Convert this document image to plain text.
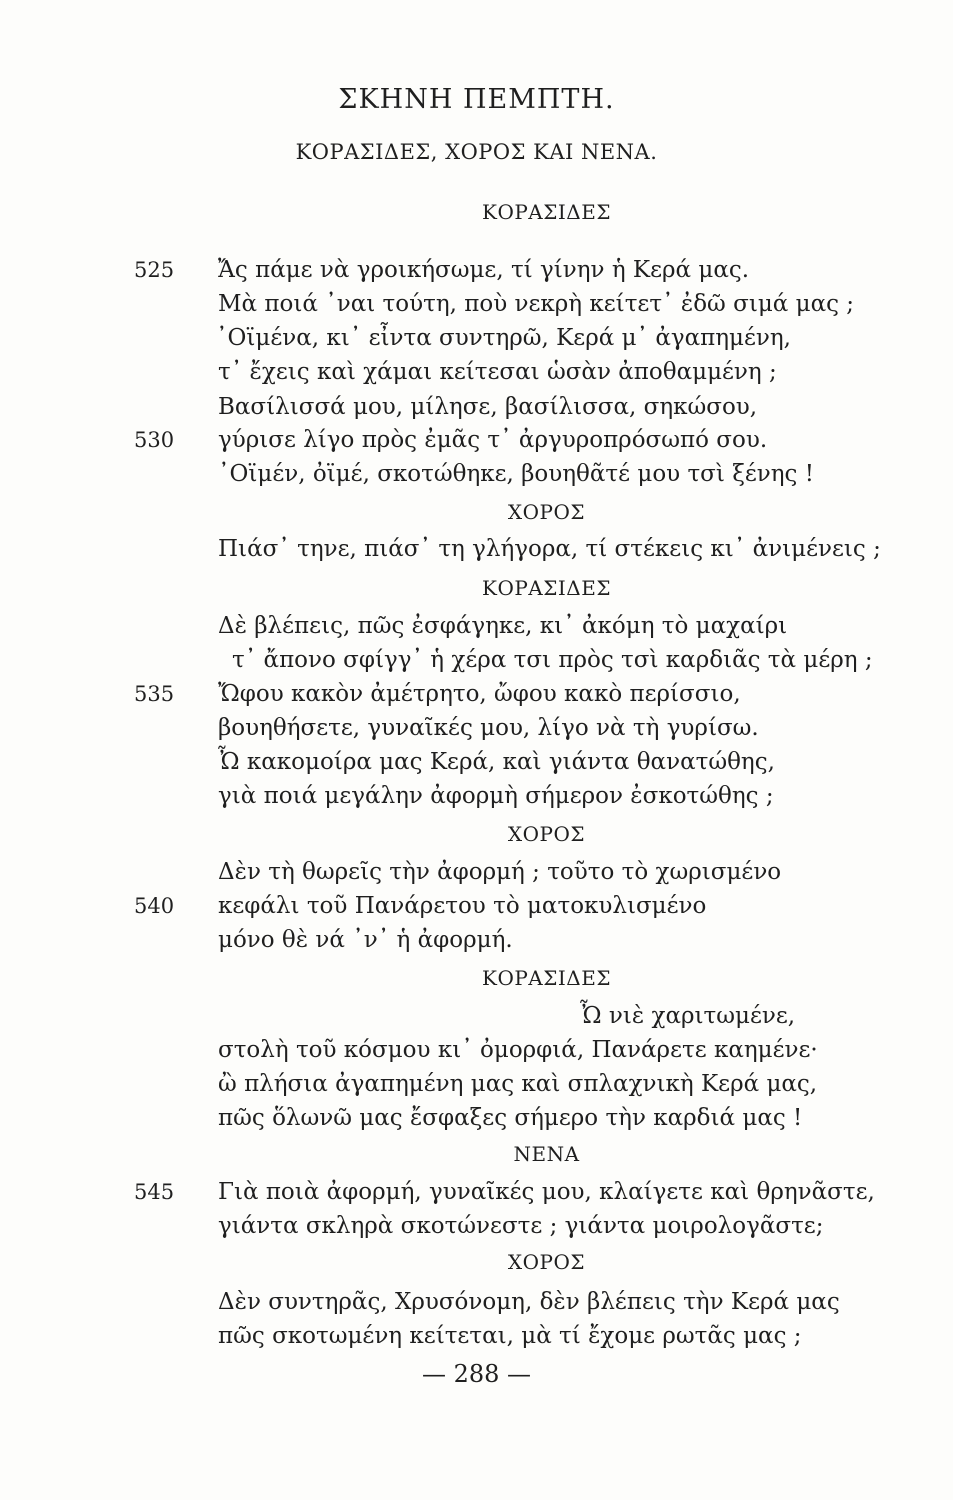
ΣΚΗΝΗ ΠΕΜΠΤΗ.
ΚΟΡΑΣΙΔΕΣ, ΧΟΡΟΣ ΚΑΙ ΝΕΝΑ.
ΚΟΡΑΣΙΔΕΣ
525 Ἄς πάμε νὰ γροικήσωμε, τί γίνην ἡ Κερά μας.
Μὰ ποιά ᾿ναι τούτη, ποὺ νεκρὴ κείτετ᾿ ἐδῶ σιμά μας ;
᾿Οϊμένα, κι᾿ εἶντα συντηρῶ, Κερά μ᾿ ἀγαπημένη,
τ᾿ ἔχεις καὶ χάμαι κείτεσαι ὡσὰν ἀποθαμμένη ;
Βασίλισσά μου, μίλησε, βασίλισσα, σηκώσου,
530 γύρισε λίγο πρὸς ἐμᾶς τ᾿ ἀργυροπρόσωπό σου.
᾿Οϊμέν, ὀϊμέ, σκοτώθηκε, βουηθᾶτέ μου τσὶ ξένης !
ΧΟΡΟΣ
Πιάσ᾿ τηνε, πιάσ᾿ τη γλήγορα, τί στέκεις κι᾿ ἀνιμένεις ;
ΚΟΡΑΣΙΔΕΣ
Δὲ βλέπεις, πῶς ἐσφάγηκε, κι᾿ ἀκόμη τὸ μαχαίρι
τ᾿ ἄπονο σφίγγ᾿ ἡ χέρα τσι πρὸς τσὶ καρδιᾶς τὰ μέρη ;
535 Ὤφου κακὸν ἀμέτρητο, ὤφου κακὸ περίσσιο,
βουηθήσετε, γυναῖκές μου, λίγο νὰ τὴ γυρίσω.
Ὦ κακομοίρα μας Κερά, καὶ γιάντα θανατώθης,
γιὰ ποιά μεγάλην ἀφορμὴ σήμερον ἐσκοτώθης ;
ΧΟΡΟΣ
Δὲν τὴ θωρεῖς τὴν ἀφορμή ; τοῦτο τὸ χωρισμένο
540 κεφάλι τοῦ Πανάρετου τὸ ματοκυλισμένο
μόνο θὲ νά ᾿ν᾿ ἡ ἀφορμή.
ΚΟΡΑΣΙΔΕΣ
Ὦ νιὲ χαριτωμένε,
στολὴ τοῦ κόσμου κι᾿ ὀμορφιά, Πανάρετε καημένε·
ὢ πλήσια ἀγαπημένη μας καὶ σπλαχνικὴ Κερά μας,
πῶς ὅλωνῶ μας ἔσφαξες σήμερο τὴν καρδιά μας !
ΝΕΝΑ
545 Γιὰ ποιὰ ἀφορμή, γυναῖκές μου, κλαίγετε καὶ θρηνᾶστε,
γιάντα σκληρὰ σκοτώνεστε ; γιάντα μοιρολογᾶστε;
ΧΟΡΟΣ
Δὲν συντηρᾶς, Χρυσόνομη, δὲν βλέπεις τὴν Κερά μας
πῶς σκοτωμένη κείτεται, μὰ τί ἔχομε ρωτᾶς μας ;
— 288 —
